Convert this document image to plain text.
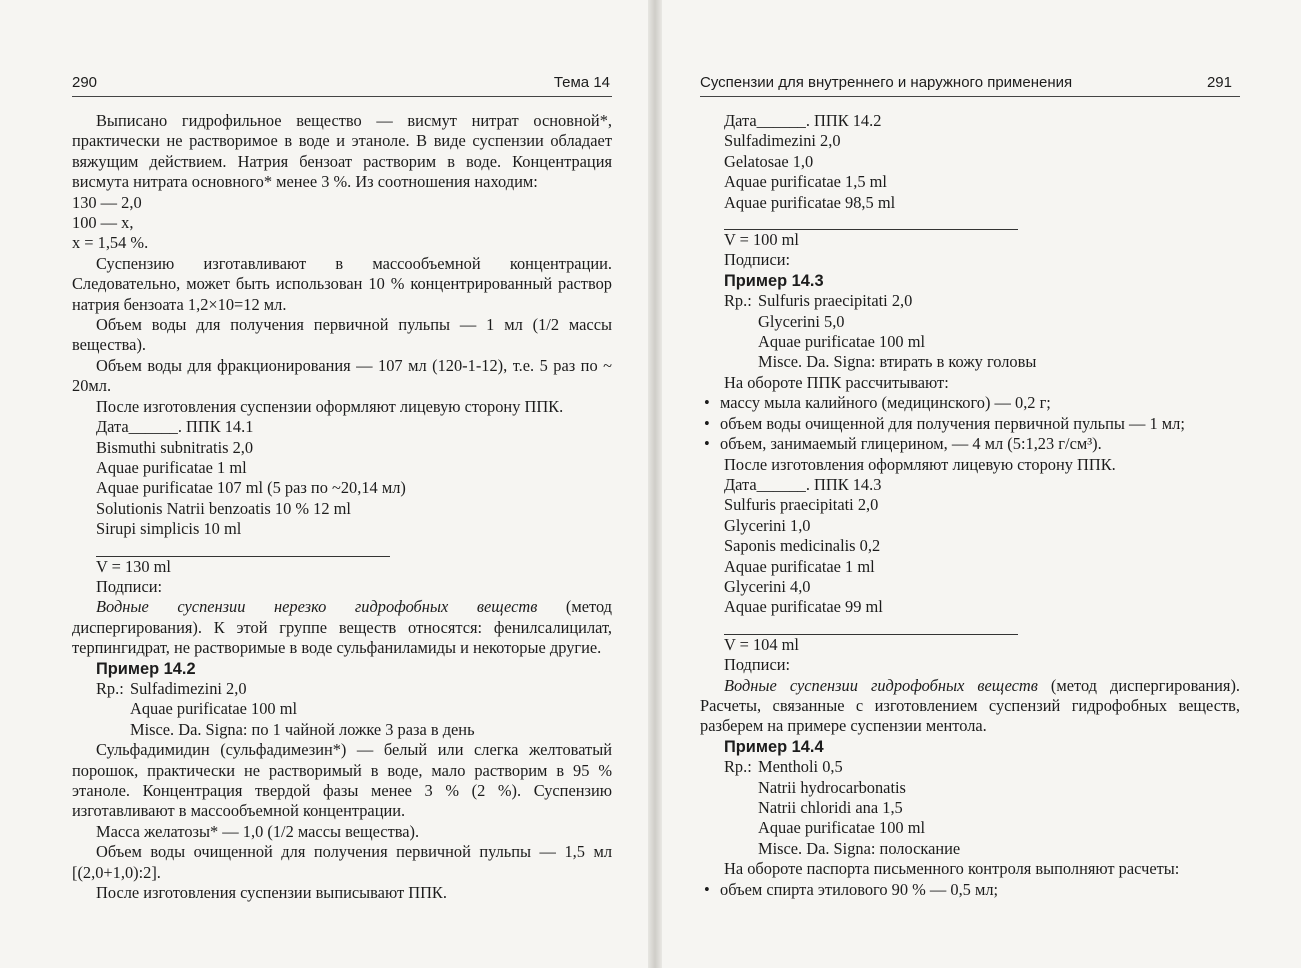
290	Тема 14

Выписано гидрофильное вещество — висмут нитрат основной*, практически не растворимое в воде и этаноле. В виде суспензии обладает вяжущим действием. Натрия бензоат растворим в воде. Концентрация висмута нитрата основного* менее 3 %. Из соотношения находим:

130 — 2,0

100 — x,

x = 1,54 %.

Суспензию изготавливают в массообъемной концентрации. Следовательно, может быть использован 10 % концентрированный раствор натрия бензоата 1,2×10=12 мл.

Объем воды для получения первичной пульпы — 1 мл (1/2 массы вещества).

Объем воды для фракционирования — 107 мл (120-1-12), т.е. 5 раз по ~ 20мл.

После изготовления суспензии оформляют лицевую сторону ППК.

Дата______. ППК 14.1

Bismuthi subnitratis 2,0

Aquae purificatae 1 ml

Aquae purificatae 107 ml (5 раз по ~20,14 мл)

Solutionis Natrii benzoatis 10 % 12 ml

Sirupi simplicis 10 ml

V = 130 ml

Подписи:

Водные суспензии нерезко гидрофобных веществ (метод диспергирования). К этой группе веществ относятся: фенилсалицилат, терпингидрат, не растворимые в воде сульфаниламиды и некоторые другие.

Пример 14.2

Rp.: Sulfadimezini 2,0

Aquae purificatae 100 ml

Misce. Da. Signa: по 1 чайной ложке 3 раза в день

Сульфадимидин (сульфадимезин*) — белый или слегка желтоватый порошок, практически не растворимый в воде, мало растворим в 95 % этаноле. Концентрация твердой фазы менее 3 % (2 %). Суспензию изготавливают в массообъемной концентрации.

Масса желатозы* — 1,0 (1/2 массы вещества).

Объем воды очищенной для получения первичной пульпы — 1,5 мл [(2,0+1,0):2].

После изготовления суспензии выписывают ППК.

Суспензии для внутреннего и наружного применения	291

Дата______. ППК 14.2

Sulfadimezini 2,0

Gelatosae 1,0

Aquae purificatae 1,5 ml

Aquae purificatae 98,5 ml

V = 100 ml

Подписи:

Пример 14.3

Rp.: Sulfuris praecipitati 2,0

Glycerini 5,0

Aquae purificatae 100 ml

Misce. Da. Signa: втирать в кожу головы

На обороте ППК рассчитывают:

• массу мыла калийного (медицинского) — 0,2 г;

• объем воды очищенной для получения первичной пульпы — 1 мл;

• объем, занимаемый глицерином, — 4 мл (5:1,23 г/см³).

После изготовления оформляют лицевую сторону ППК.

Дата______. ППК 14.3

Sulfuris praecipitati 2,0

Glycerini 1,0

Saponis medicinalis 0,2

Aquae purificatae 1 ml

Glycerini 4,0

Aquae purificatae 99 ml

V = 104 ml

Подписи:

Водные суспензии гидрофобных веществ (метод диспергирования). Расчеты, связанные с изготовлением суспензий гидрофобных веществ, разберем на примере суспензии ментола.

Пример 14.4

Rp.: Mentholi 0,5

Natrii hydrocarbonatis

Natrii chloridi ana 1,5

Aquae purificatae 100 ml

Misce. Da. Signa: полоскание

На обороте паспорта письменного контроля выполняют расчеты:

• объем спирта этилового 90 % — 0,5 мл;
